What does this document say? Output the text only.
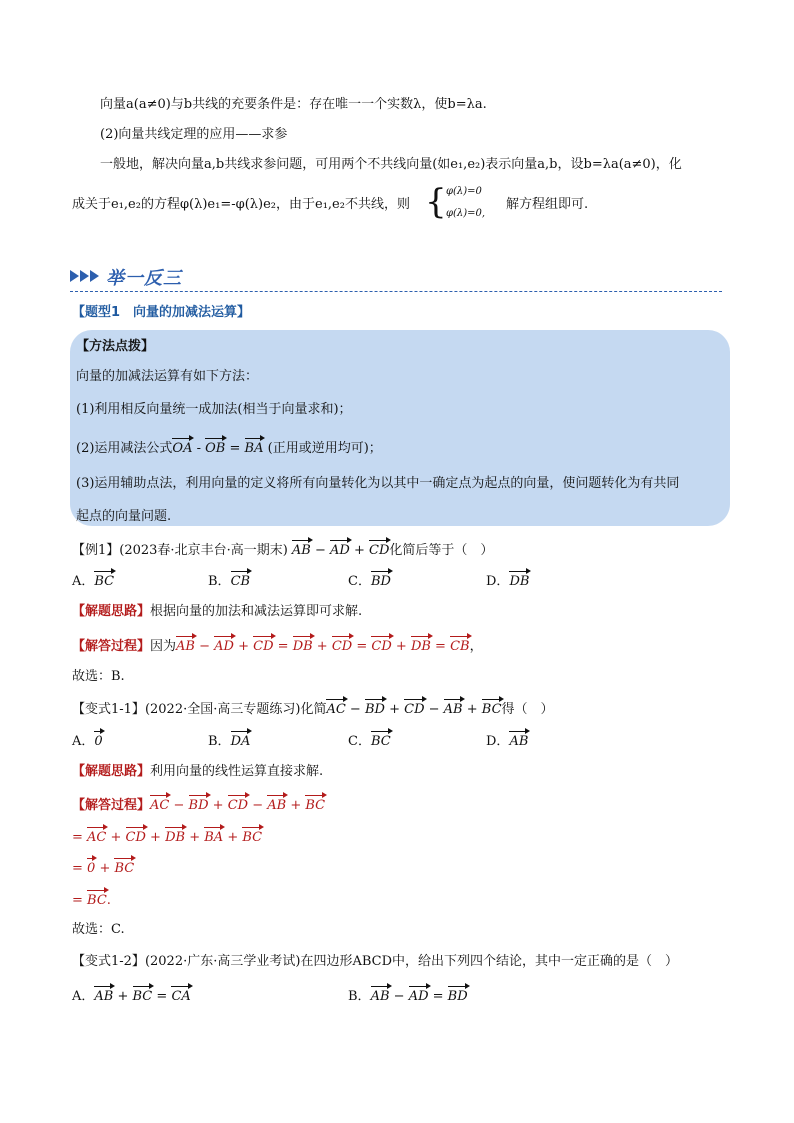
向量a(a≠0)与b共线的充要条件是：存在唯一一个实数λ，使b=λa.
(2)向量共线定理的应用——求参
一般地，解决向量a,b共线求参问题，可用两个不共线向量(如e₁,e₂)表示向量a,b，设b=λa(a≠0)，化
成关于e₁,e₂的方程φ(λ)e₁=-φ(λ)e₂，由于e₁,e₂不共线，则 { φ(λ)=0
φ(λ)=0,
解方程组即可.
举一反三
【题型1　向量的加减法运算】
【方法点拨】
向量的加减法运算有如下方法：
(1)利用相反向量统一成加法(相当于向量求和)；
(2)运用减法公式OA - OB = BA (正用或逆用均可)；
(3)运用辅助点法，利用向量的定义将所有向量转化为以其中一确定点为起点的向量，使问题转化为有共同
起点的向量问题.
【例1】(2023春·北京丰台·高一期末) AB − AD + CD化简后等于（　）
A．BC	B．CB	C．BD	D．DB
【解题思路】根据向量的加法和减法运算即可求解.
【解答过程】因为AB − AD + CD = DB + CD = CD + DB = CB，
故选：B.
【变式1-1】(2022·全国·高三专题练习)化简AC − BD + CD − AB + BC得（　）
A．0	B．DA	C．BC	D．AB
【解题思路】利用向量的线性运算直接求解.
【解答过程】AC − BD + CD − AB + BC
= AC + CD + DB + BA + BC
= 0 + BC
= BC.
故选：C.
【变式1-2】(2022·广东·高三学业考试)在四边形ABCD中，给出下列四个结论，其中一定正确的是（　）
A．AB + BC = CA	B．AB − AD = BD
